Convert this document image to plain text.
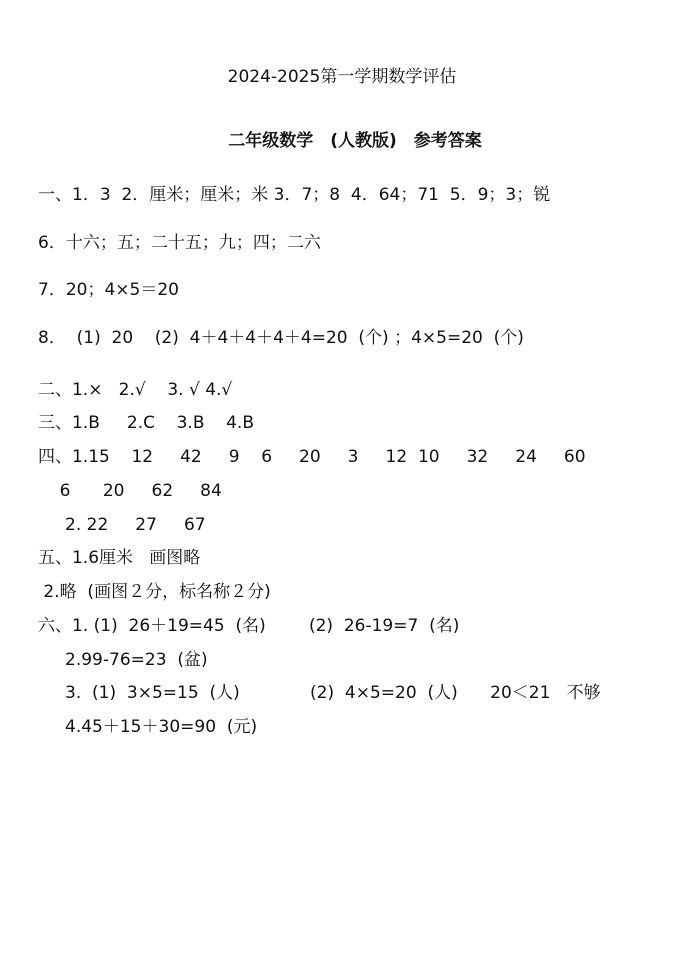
2024-2025第一学期数学评估
二年级数学　(人教版)　参考答案
一、1．3  2．厘米；厘米；米 3．7；8  4．64；71  5．9；3；锐
6．十六；五；二十五；九；四；二六
7．20；4×5＝20
8．  (1)  20    (2)  4＋4＋4＋4＋4=20  (个) ；4×5=20  (个)
二、1.×   2.√    3. √ 4.√
三、1.B     2.C    3.B    4.B
四、1.15    12     42     9    6     20     3     12  10     32     24     60
6      20     62     84
2. 22     27     67
五、1.6厘米   画图略
2.略  (画图２分，标名称２分)
六、1. (1)  26＋19=45  (名)        (2)  26-19=7  (名)
2.99-76=23  (盆)
3.  (1)  3×5=15  (人)             (2)  4×5=20  (人)      20＜21   不够
4.45＋15＋30=90  (元)
